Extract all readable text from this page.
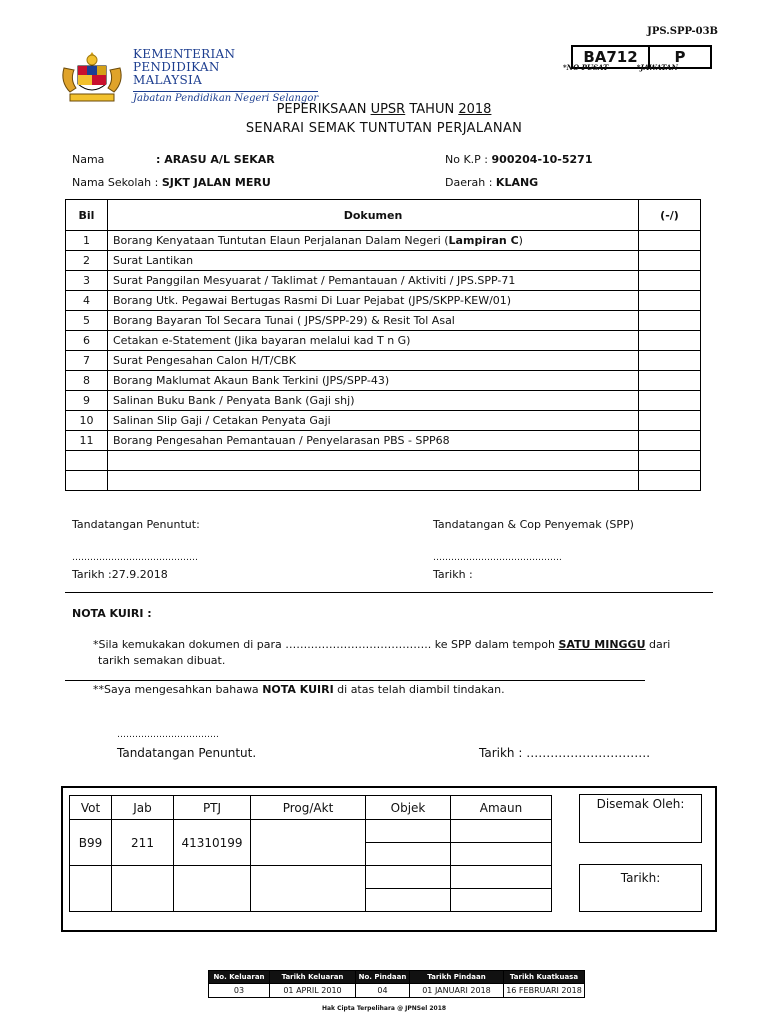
JPS.SPP-03B
BA712	P
*NO PUSAT	*JAWATAN
KEMENTERIAN
PENDIDIKAN
MALAYSIA
Jabatan Pendidikan Negeri Selangor
PEPERIKSAAN UPSR TAHUN 2018
SENARAI SEMAK TUNTUTAN PERJALANAN
Nama	: ARASU A/L SEKAR	No K.P : 900204-10-5271
Nama Sekolah : SJKT JALAN MERU	Daerah : KLANG
Bil	Dokumen	(-/)
1	Borang Kenyataan Tuntutan Elaun Perjalanan Dalam Negeri (Lampiran C)	
2	Surat Lantikan	
3	Surat Panggilan Mesyuarat / Taklimat / Pemantauan / Aktiviti / JPS.SPP-71	
4	Borang Utk. Pegawai Bertugas Rasmi Di Luar Pejabat (JPS/SKPP-KEW/01)	
5	Borang Bayaran Tol Secara Tunai ( JPS/SPP-29) & Resit Tol Asal	
6	Cetakan e-Statement (Jika bayaran melalui kad T n G)	
7	Surat Pengesahan Calon H/T/CBK	
8	Borang Maklumat Akaun Bank Terkini (JPS/SPP-43)	
9	Salinan Buku Bank / Penyata Bank (Gaji shj)	
10	Salinan Slip Gaji / Cetakan Penyata Gaji	
11	Borang Pengesahan Pemantauan / Penyelarasan PBS - SPP68	

Tandatangan Penuntut:	Tandatangan & Cop Penyemak (SPP)
……………………………………	…………………………………….
Tarikh :27.9.2018	Tarikh :
NOTA KUIRI :
*Sila kemukakan dokumen di para ……..………………………….. ke SPP dalam tempoh SATU MINGGU dari
tarikh semakan dibuat.
**Saya mengesahkan bahawa NOTA KUIRI di atas telah diambil tindakan.
…………………………….
Tandatangan Penuntut.	Tarikh : ………………………….
Vot	Jab	PTJ	Prog/Akt	Objek	Amaun
B99	211	41310199			

Disemak Oleh:
Tarikh:
No. Keluaran	Tarikh Keluaran	No. Pindaan	Tarikh Pindaan	Tarikh Kuatkuasa
03	01 APRIL 2010	04	01 JANUARI 2018	16 FEBRUARI 2018
Hak Cipta Terpelihara @ JPNSel 2018
